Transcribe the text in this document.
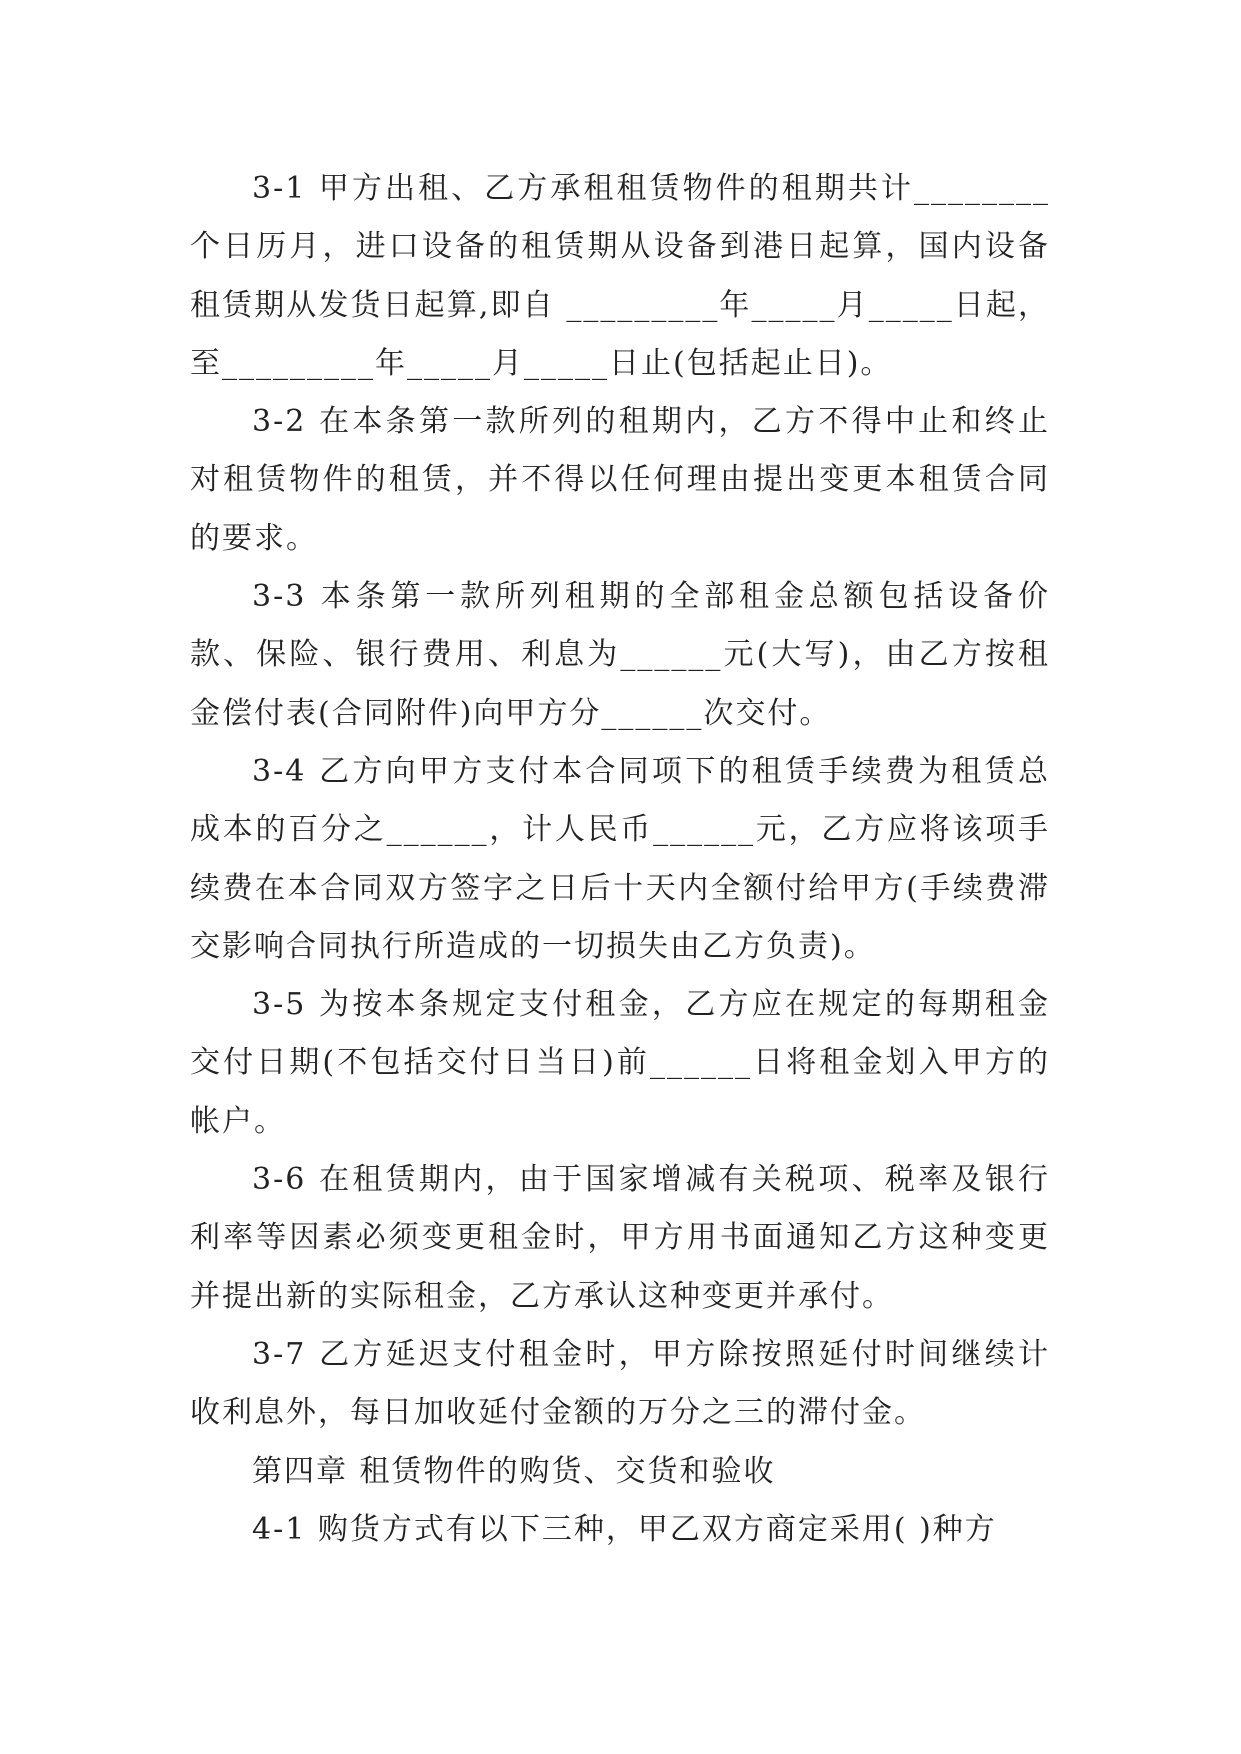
3-1 甲方出租、乙方承租租赁物件的租期共计________个日历月，进口设备的租赁期从设备到港日起算，国内设备租赁期从发货日起算,即自 _________年_____月_____日起，至_________年_____月_____日止(包括起止日)。

3-2 在本条第一款所列的租期内，乙方不得中止和终止对租赁物件的租赁，并不得以任何理由提出变更本租赁合同的要求。

3-3 本条第一款所列租期的全部租金总额包括设备价款、保险、银行费用、利息为______元(大写)，由乙方按租金偿付表(合同附件)向甲方分______次交付。

3-4 乙方向甲方支付本合同项下的租赁手续费为租赁总成本的百分之______，计人民币______元，乙方应将该项手续费在本合同双方签字之日后十天内全额付给甲方(手续费滞交影响合同执行所造成的一切损失由乙方负责)。

3-5 为按本条规定支付租金，乙方应在规定的每期租金交付日期(不包括交付日当日)前______日将租金划入甲方的帐户。

3-6 在租赁期内，由于国家增减有关税项、税率及银行利率等因素必须变更租金时，甲方用书面通知乙方这种变更并提出新的实际租金，乙方承认这种变更并承付。

3-7 乙方延迟支付租金时，甲方除按照延付时间继续计收利息外，每日加收延付金额的万分之三的滞付金。

第四章 租赁物件的购货、交货和验收

4-1 购货方式有以下三种，甲乙双方商定采用( )种方
